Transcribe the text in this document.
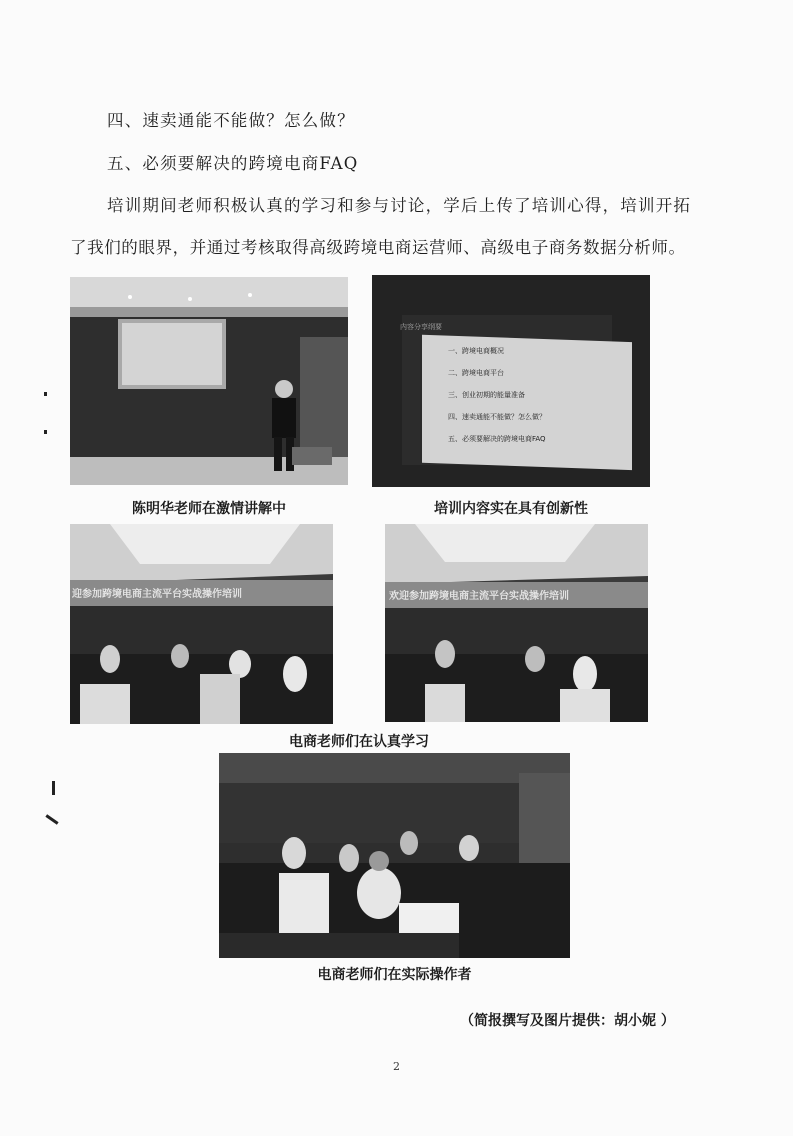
四、速卖通能不能做？怎么做？
五、必须要解决的跨境电商FAQ
培训期间老师积极认真的学习和参与讨论，学后上传了培训心得，培训开拓
了我们的眼界，并通过考核取得高级跨境电商运营师、高级电子商务数据分析师。
内容分享纲要
一、跨境电商概况
二、跨境电商平台
三、创业初期的能量准备
四、速卖通能不能做？怎么做？
五、必须要解决的跨境电商FAQ
陈明华老师在激情讲解中	培训内容实在具有创新性
迎参加跨境电商主流平台实战操作培训	欢迎参加跨境电商主流平台实战操作培训
电商老师们在认真学习
电商老师们在实际操作者
（简报撰写及图片提供：胡小妮 ）
2
